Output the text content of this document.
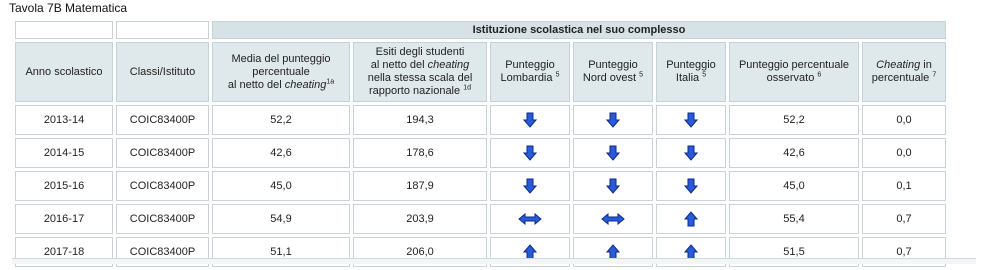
Tavola 7B Matematica
		Istituzione scolastica nel suo complesso						
Anno scolastico	Classi/Istituto	Media del punteggio
percentuale
al netto del cheating$^{1a}$	Esiti degli studenti
al netto del cheating
nella stessa scala del
rapporto nazionale $^{1d}$	Punteggio
Lombardia $^5$	Punteggio
Nord ovest $^5$	Punteggio
Italia $^5$	Punteggio percentuale
osservato $^6$	Cheating in
percentuale $^7$
2013-14	COIC83400P	52,2	194,3				52,2	0,0
2014-15	COIC83400P	42,6	178,6				42,6	0,0
2015-16	COIC83400P	45,0	187,9				45,0	0,1
2016-17	COIC83400P	54,9	203,9				55,4	0,7
2017-18	COIC83400P	51,1	206,0				51,5	0,7
